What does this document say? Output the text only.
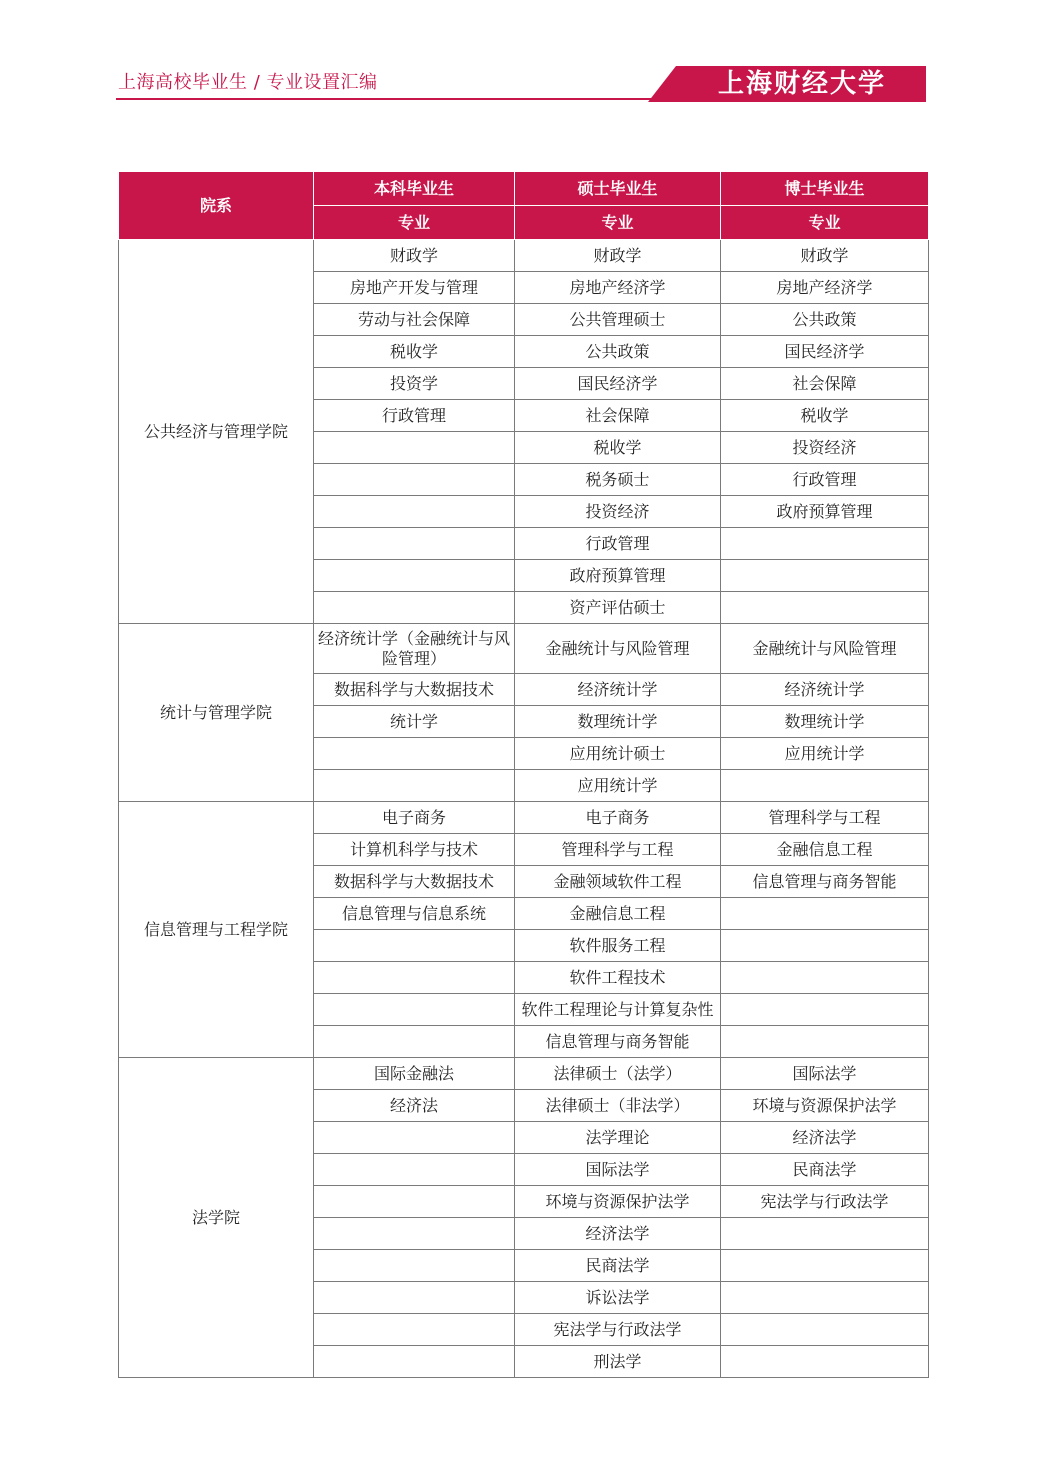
上海高校毕业生 / 专业设置汇编	上海财经大学
院系	本科毕业生	硕士毕业生	博士毕业生
	专业	专业	专业
公共经济与管理学院	财政学	财政学	财政学
	房地产开发与管理	房地产经济学	房地产经济学
	劳动与社会保障	公共管理硕士	公共政策
	税收学	公共政策	国民经济学
	投资学	国民经济学	社会保障
	行政管理	社会保障	税收学
		税收学	投资经济
		税务硕士	行政管理
		投资经济	政府预算管理
		行政管理	
		政府预算管理	
		资产评估硕士	
统计与管理学院	经济统计学（金融统计与风险管理）	金融统计与风险管理	金融统计与风险管理
	数据科学与大数据技术	经济统计学	经济统计学
	统计学	数理统计学	数理统计学
		应用统计硕士	应用统计学
		应用统计学	
信息管理与工程学院	电子商务	电子商务	管理科学与工程
	计算机科学与技术	管理科学与工程	金融信息工程
	数据科学与大数据技术	金融领域软件工程	信息管理与商务智能
	信息管理与信息系统	金融信息工程	
		软件服务工程	
		软件工程技术	
		软件工程理论与计算复杂性	
		信息管理与商务智能	
法学院	国际金融法	法律硕士（法学）	国际法学
	经济法	法律硕士（非法学）	环境与资源保护法学
		法学理论	经济法学
		国际法学	民商法学
		环境与资源保护法学	宪法学与行政法学
		经济法学	
		民商法学	
		诉讼法学	
		宪法学与行政法学	
		刑法学	
